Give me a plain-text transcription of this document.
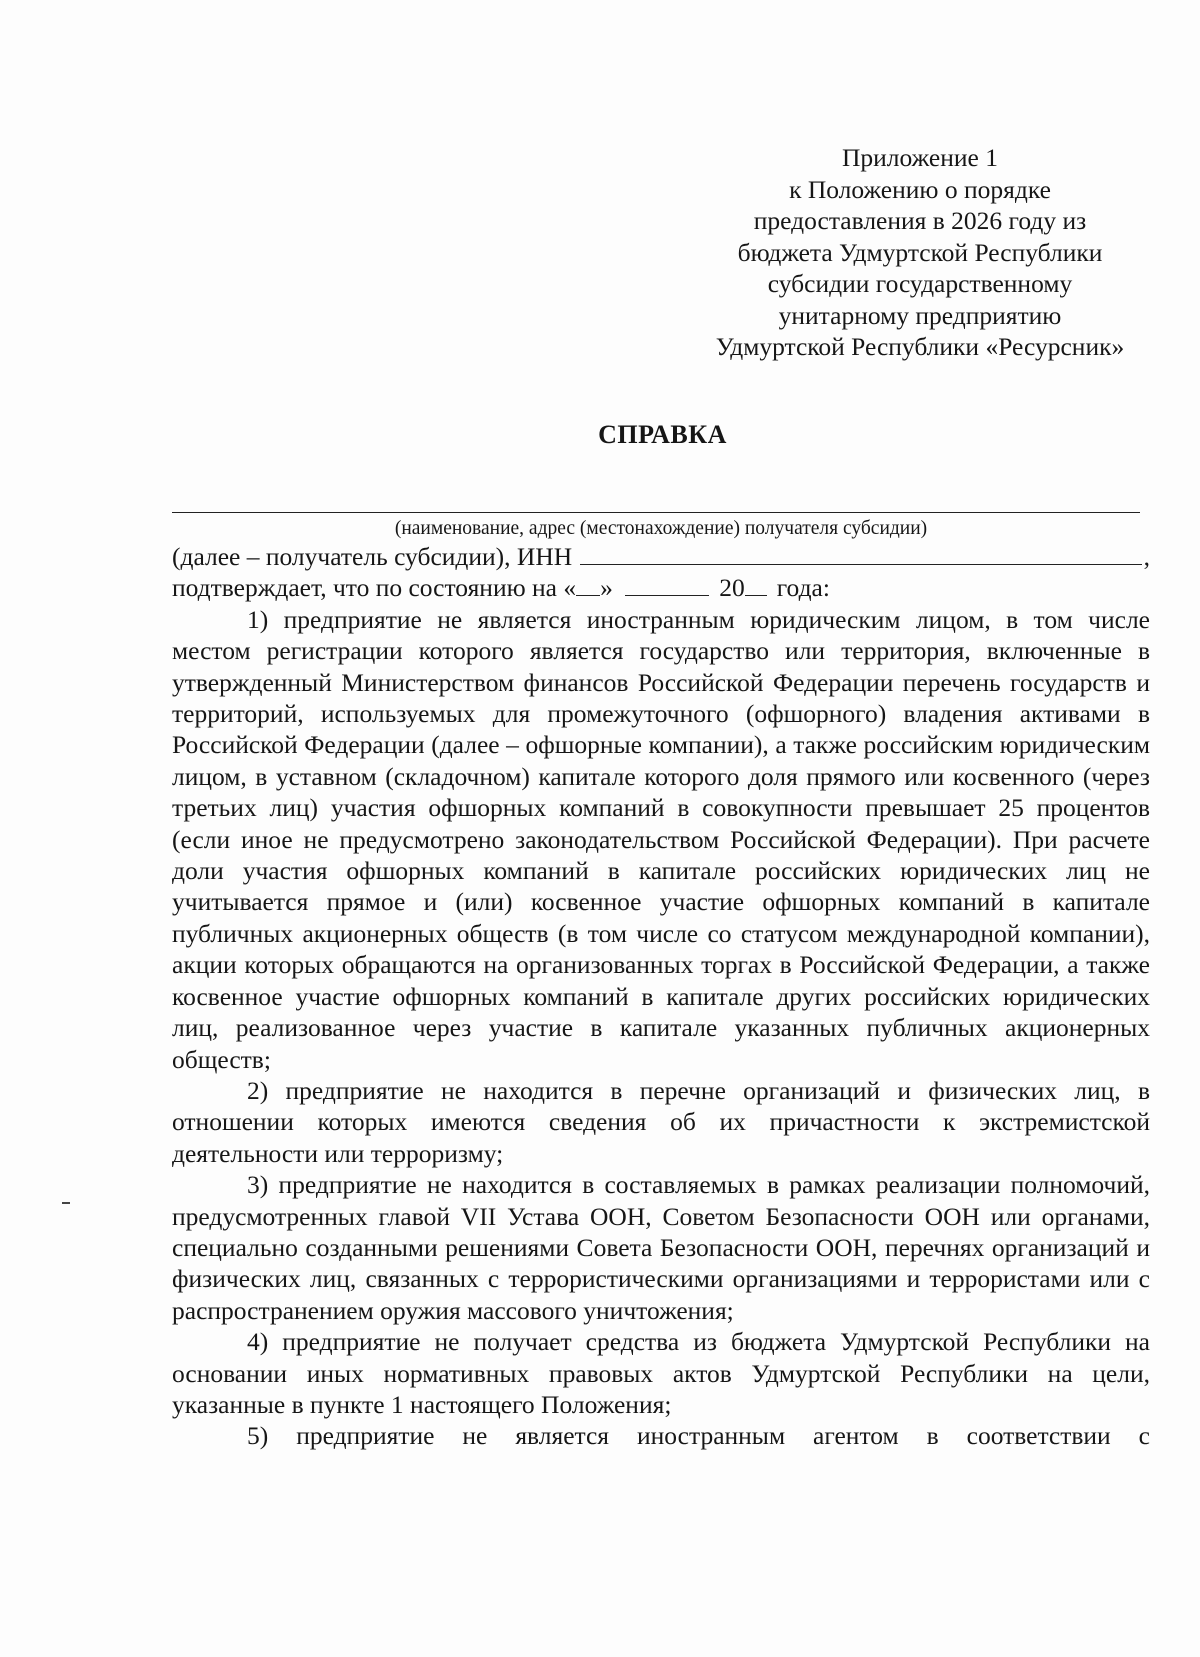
Приложение 1
к Положению о порядке
предоставления в 2026 году из
бюджета Удмуртской Республики
субсидии государственному
унитарному предприятию
Удмуртской Республики «Ресурсник»
СПРАВКА
(наименование, адрес (местонахождение) получателя субсидии)
(далее – получатель субсидии), ИНН	,
подтверждает, что по состоянию на « »	20 года:

1) предприятие не является иностранным юридическим лицом, в том числе местом регистрации которого является государство или территория, включенные в утвержденный Министерством финансов Российской Федерации перечень государств и территорий, используемых для промежуточного (офшорного) владения активами в Российской Федерации (далее – офшорные компании), а также российским юридическим лицом, в уставном (складочном) капитале которого доля прямого или косвенного (через третьих лиц) участия офшорных компаний в совокупности превышает 25 процентов (если иное не предусмотрено законодательством Российской Федерации). При расчете доли участия офшорных компаний в капитале российских юридических лиц не учитывается прямое и (или) косвенное участие офшорных компаний в капитале публичных акционерных обществ (в том числе со статусом международной компании), акции которых обращаются на организованных торгах в Российской Федерации, а также косвенное участие офшорных компаний в капитале других российских юридических лиц, реализованное через участие в капитале указанных публичных акционерных обществ;

2) предприятие не находится в перечне организаций и физических лиц, в отношении которых имеются сведения об их причастности к экстремистской деятельности или терроризму;

3) предприятие не находится в составляемых в рамках реализации полномочий, предусмотренных главой VII Устава ООН, Советом Безопасности ООН или органами, специально созданными решениями Совета Безопасности ООН, перечнях организаций и физических лиц, связанных с террористическими организациями и террористами или с распространением оружия массового уничтожения;

4) предприятие не получает средства из бюджета Удмуртской Республики на основании иных нормативных правовых актов Удмуртской Республики на цели, указанные в пункте 1 настоящего Положения;

5) предприятие не является иностранным агентом в соответствии с
